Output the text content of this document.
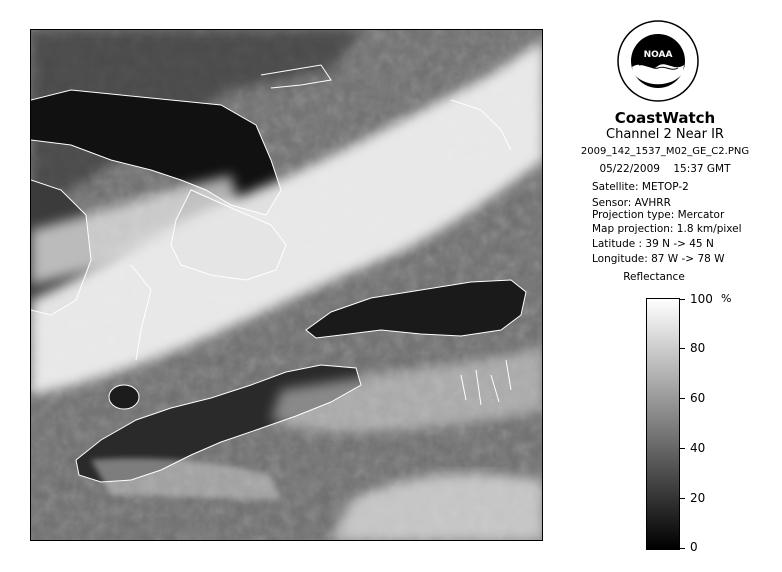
NOAA
CoastWatch
Channel 2 Near IR
2009_142_1537_M02_GE_C2.PNG
05/22/2009 15:37 GMT
Satellite: METOP-2
Sensor: AVHRR
Projection type: Mercator
Map projection: 1.8 km/pixel
Latitude : 39 N -> 45 N
Longitude: 87 W -> 78 W
Reflectance
%
100
80
60
40
20
0
